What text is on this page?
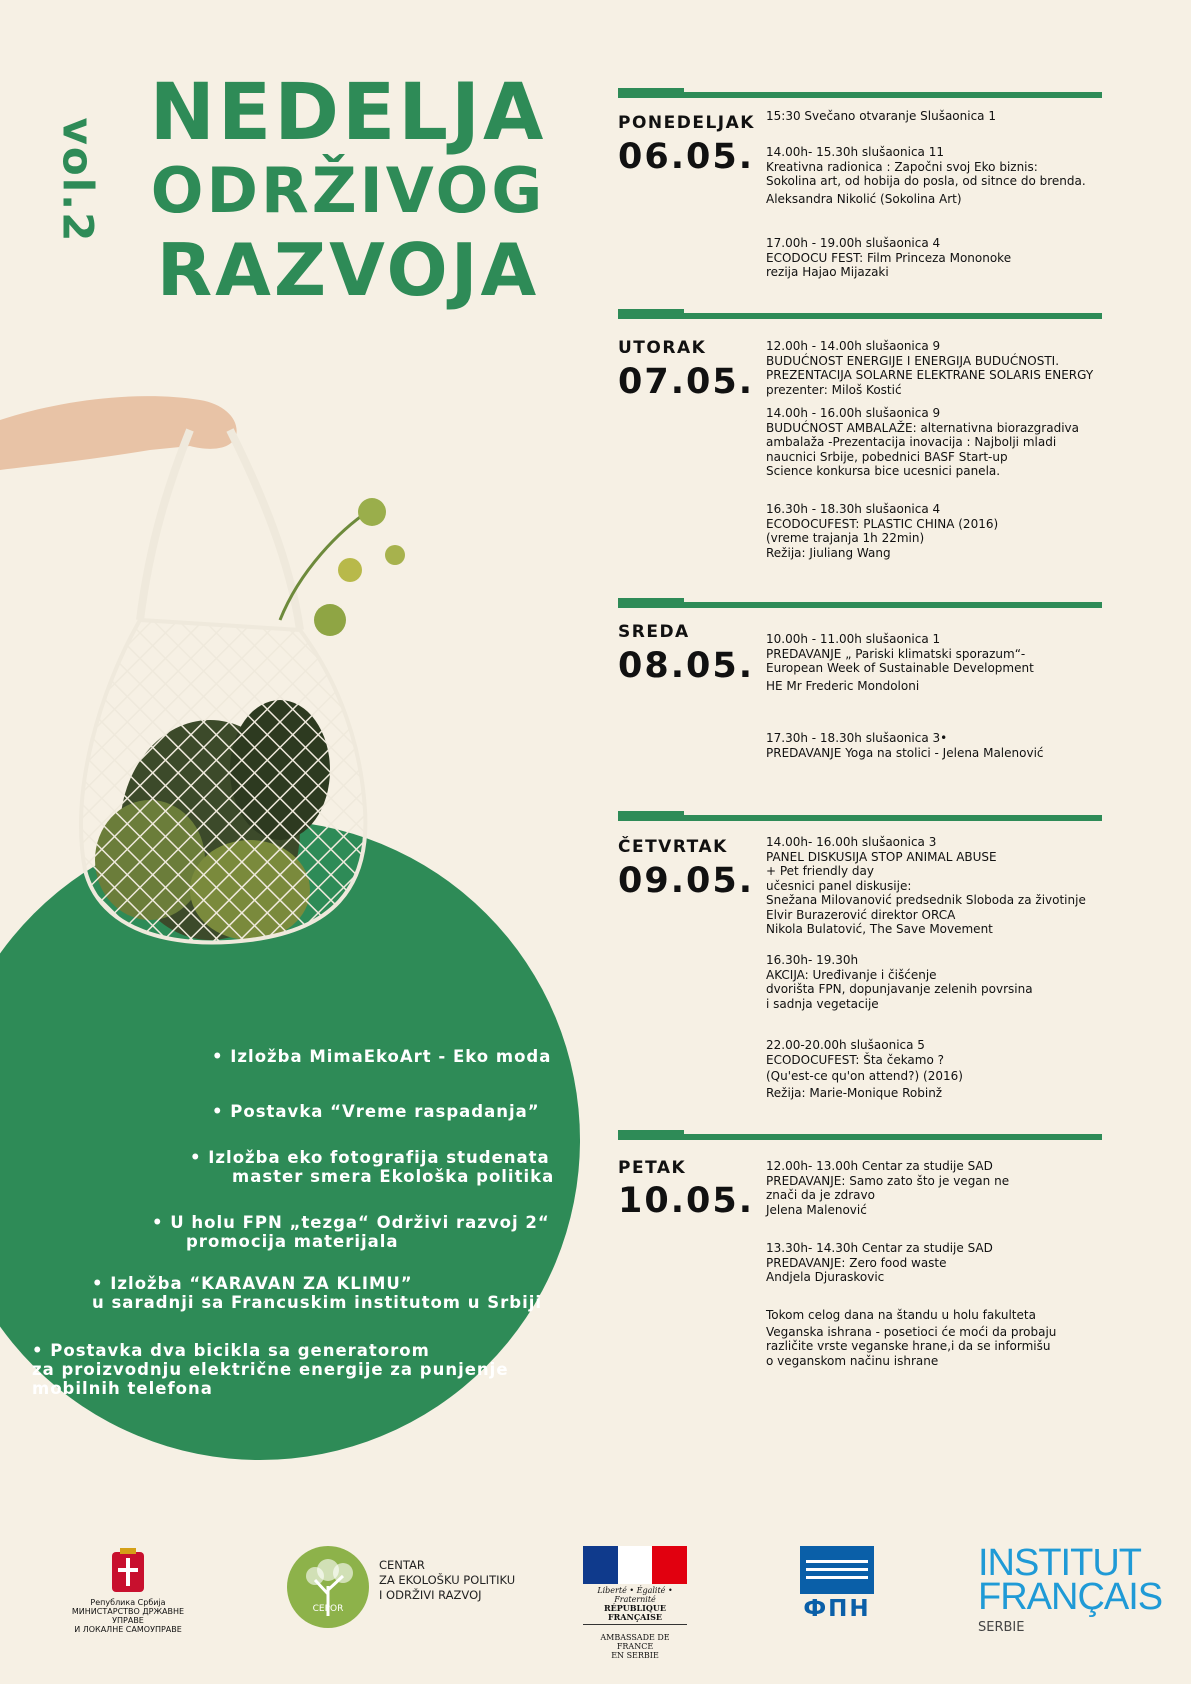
vol.2
NEDELJA
ODRŽIVOG
RAZVOJA
• Izložba MimaEkoArt - Eko moda
• Postavka “Vreme raspadanja”
• Izložba eko fotografija studenata
master smera Ekološka politika
• U holu FPN „tezga“ Održivi razvoj 2“
promocija materijala
• Izložba “KARAVAN ZA KLIMU”
u saradnji sa Francuskim institutom u Srbiji
• Postavka dva bicikla sa generatorom
za proizvodnju električne energije za punjenje
mobilnih telefona
PONEDELJAK
06.05.
15:30 Svečano otvaranje Slušaonica 1
14.00h- 15.30h slušaonica 11
Kreativna radionica : Započni svoj Eko biznis:
Sokolina art, od hobija do posla, od sitnce do brenda.
Aleksandra Nikolić (Sokolina Art)
17.00h - 19.00h slušaonica 4
ECODOCU FEST: Film Princeza Mononoke
rezija Hajao Mijazaki
UTORAK
07.05.
12.00h - 14.00h slušaonica 9
BUDUĆNOST ENERGIJE I ENERGIJA BUDUĆNOSTI.
PREZENTACIJA SOLARNE ELEKTRANE SOLARIS ENERGY
prezenter: Miloš Kostić
14.00h - 16.00h slušaonica 9
BUDUĆNOST AMBALAŽE: alternativna biorazgradiva
ambalaža -Prezentacija inovacija : Najbolji mladi
naucnici Srbije, pobednici BASF Start-up
Science konkursa bice ucesnici panela.
16.30h - 18.30h slušaonica 4
ECODOCUFEST: PLASTIC CHINA (2016)
(vreme trajanja 1h 22min)
Režija: Jiuliang Wang
SREDA
08.05.
10.00h - 11.00h slušaonica 1
PREDAVANJE „ Pariski klimatski sporazum“-
European Week of Sustainable Development
HE Mr Frederic Mondoloni
17.30h - 18.30h slušaonica 3•
PREDAVANJE Yoga na stolici - Jelena Malenović
ČETVRTAK
09.05.
14.00h- 16.00h slušaonica 3
PANEL DISKUSIJA STOP ANIMAL ABUSE
+ Pet friendly day
učesnici panel diskusije:
Snežana Milovanović predsednik Sloboda za životinje
Elvir Burazerović direktor ORCA
Nikola Bulatović, The Save Movement
16.30h- 19.30h
AKCIJA: Uređivanje i čišćenje
dvorišta FPN, dopunjavanje zelenih povrsina
i sadnja vegetacije
22.00-20.00h slušaonica 5
ECODOCUFEST: Šta čekamo ?
(Qu'est-ce qu'on attend?) (2016)
Režija: Marie-Monique Robinž
PETAK
10.05.
12.00h- 13.00h Centar za studije SAD
PREDAVANJE: Samo zato što je vegan ne
znači da je zdravo
Jelena Malenović
13.30h- 14.30h Centar za studije SAD
PREDAVANJE: Zero food waste
Andjela Djuraskovic
Tokom celog dana na štandu u holu fakulteta
Veganska ishrana - posetioci će moći da probaju
različite vrste veganske hrane,i da se informišu
o veganskom načinu ishrane
Република Србија
МИНИСТАРСТВО ДРЖАВНЕ УПРАВЕ
И ЛОКАЛНЕ САМОУПРАВЕ
CEPOR
CENTAR
ZA EKOLOŠKU POLITIKU
I ODRŽIVI RAZVOJ	Liberté • Égalité • Fraternité
RÉPUBLIQUE FRANÇAISE
AMBASSADE DE FRANCE
EN SERBIE
ФПН
INSTITUT
FRANÇAIS
SERBIE
